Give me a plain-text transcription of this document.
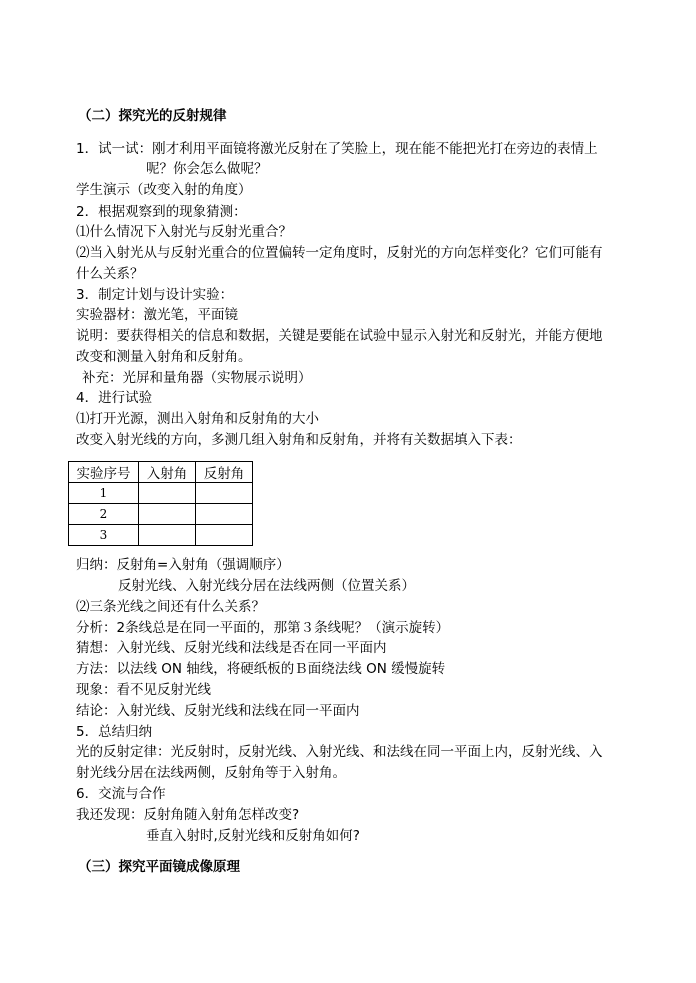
（二）探究光的反射规律
1．试一试：刚才利用平面镜将激光反射在了笑脸上，现在能不能把光打在旁边的表情上
呢？你会怎么做呢？
学生演示（改变入射的角度）
2．根据观察到的现象猜测：
⑴什么情况下入射光与反射光重合？
⑵当入射光从与反射光重合的位置偏转一定角度时，反射光的方向怎样变化？它们可能有
什么关系？
3．制定计划与设计实验：
实验器材：激光笔，平面镜
说明：要获得相关的信息和数据，关键是要能在试验中显示入射光和反射光，并能方便地
改变和测量入射角和反射角。
补充：光屏和量角器（实物展示说明）
4．进行试验
⑴打开光源，测出入射角和反射角的大小
改变入射光线的方向，多测几组入射角和反射角，并将有关数据填入下表：
实验序号	入射角	反射角
1		
2		
3		
归纳：反射角=入射角（强调顺序）
反射光线、入射光线分居在法线两侧（位置关系）
⑵三条光线之间还有什么关系？
分析：2条线总是在同一平面的，那第３条线呢？（演示旋转）
猜想：入射光线、反射光线和法线是否在同一平面内
方法：以法线 ON 轴线，将硬纸板的Ｂ面绕法线 ON 缓慢旋转
现象：看不见反射光线
结论：入射光线、反射光线和法线在同一平面内
5．总结归纳
光的反射定律：光反射时，反射光线、入射光线、和法线在同一平面上内，反射光线、入
射光线分居在法线两侧，反射角等于入射角。
6．交流与合作
我还发现：反射角随入射角怎样改变?
垂直入射时,反射光线和反射角如何?
（三）探究平面镜成像原理
